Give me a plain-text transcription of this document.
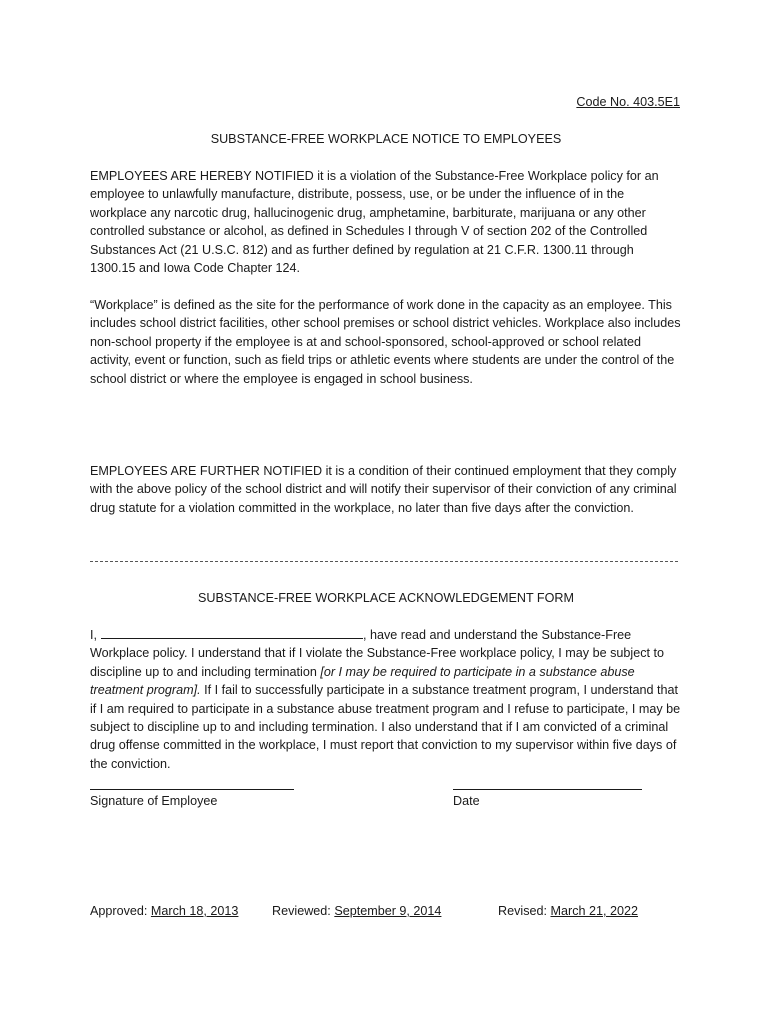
Code No. 403.5E1
SUBSTANCE-FREE WORKPLACE NOTICE TO EMPLOYEES

EMPLOYEES ARE HEREBY NOTIFIED it is a violation of the Substance-Free Workplace policy for an employee to unlawfully manufacture, distribute, possess, use, or be under the influence of in the workplace any narcotic drug, hallucinogenic drug, amphetamine, barbiturate, marijuana or any other controlled substance or alcohol, as defined in Schedules I through V of section 202 of the Controlled Substances Act (21 U.S.C. 812) and as further defined by regulation at 21 C.F.R. 1300.11 through 1300.15 and Iowa Code Chapter 124.

“Workplace” is defined as the site for the performance of work done in the capacity as an employee. This includes school district facilities, other school premises or school district vehicles. Workplace also includes non-school property if the employee is at and school-sponsored, school-approved or school related activity, event or function, such as field trips or athletic events where students are under the control of the school district or where the employee is engaged in school business.

EMPLOYEES ARE FURTHER NOTIFIED it is a condition of their continued employment that they comply with the above policy of the school district and will notify their supervisor of their conviction of any criminal drug statute for a violation committed in the workplace, no later than five days after the conviction.

SUBSTANCE-FREE WORKPLACE ACKNOWLEDGEMENT FORM

I,	, have read and understand the Substance-Free Workplace policy. I understand that if I violate the Substance-Free workplace policy, I may be subject to discipline up to and including termination [or I may be required to participate in a substance abuse treatment program]. If I fail to successfully participate in a substance treatment program, I understand that if I am required to participate in a substance abuse treatment program and I refuse to participate, I may be subject to discipline up to and including termination. I also understand that if I am convicted of a criminal drug offense committed in the workplace, I must report that conviction to my supervisor within five days of the conviction.

Signature of Employee	Date
Approved: March 18, 2013	Reviewed: September 9, 2014	Revised: March 21, 2022
